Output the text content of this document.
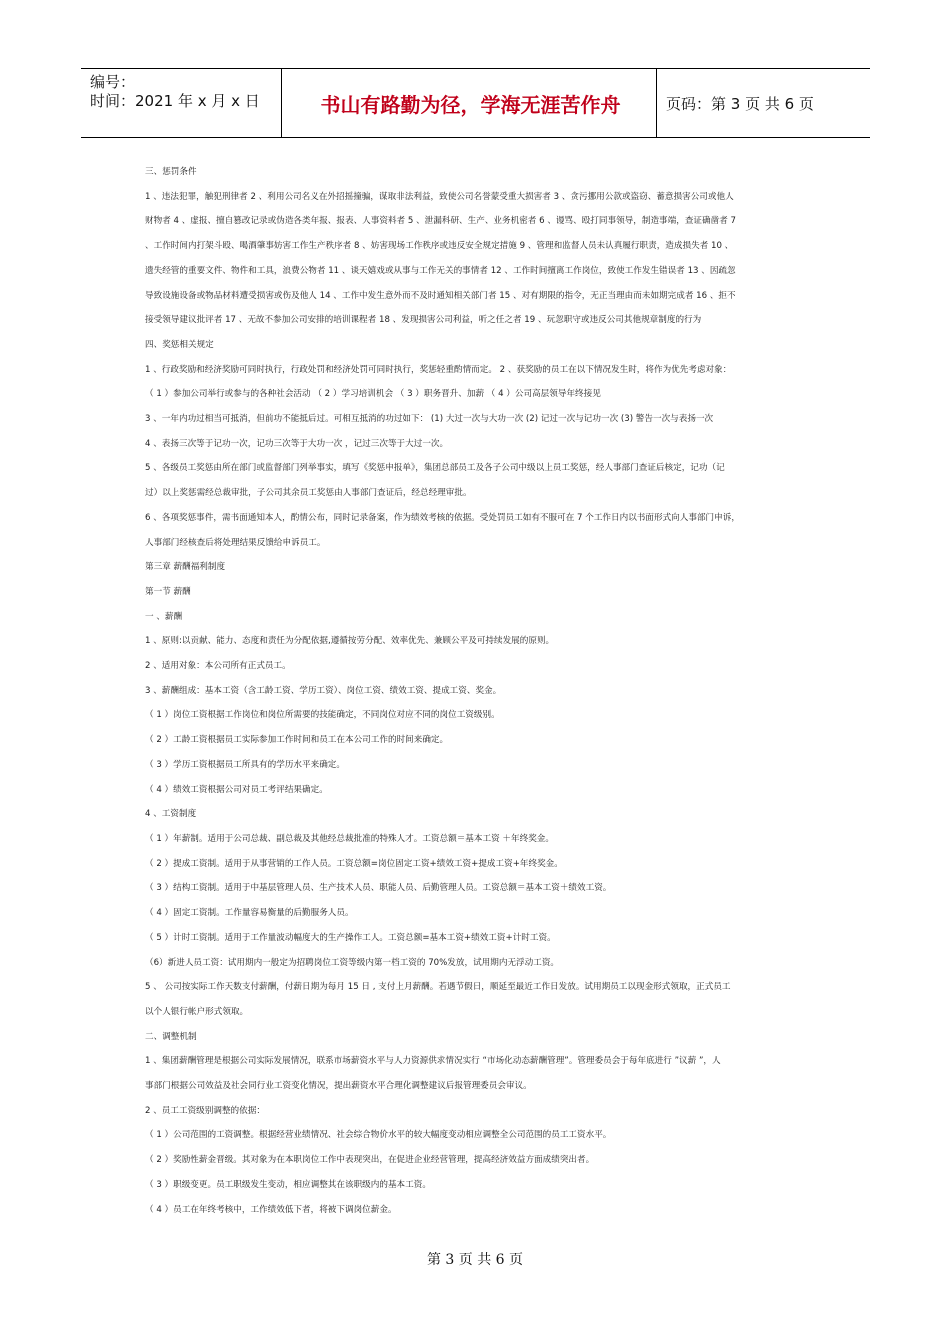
编号：
时间：2021 年 x 月 x 日	书山有路勤为径，学海无涯苦作舟	页码：第 3 页 共 6 页
三、惩罚条件
1 、违法犯罪，触犯刑律者 2 、利用公司名义在外招摇撞骗，谋取非法利益，致使公司名誉蒙受重大损害者 3 、贪污挪用公款或盗窃、蓄意损害公司或他人
财物者 4 、虚报、擅自篡改记录或伪造各类年报、报表、人事资料者 5 、泄漏科研、生产、业务机密者 6 、谩骂、殴打同事领导，制造事端，查证确凿者 7
、工作时间内打架斗殴、喝酒肇事妨害工作生产秩序者 8 、妨害现场工作秩序或违反安全规定措施 9 、管理和监督人员未认真履行职责，造成损失者 10 、
遗失经管的重要文件、物件和工具，浪费公物者 11 、谈天嬉戏或从事与工作无关的事情者 12 、工作时间擅离工作岗位，致使工作发生错误者 13 、因疏忽
导致设施设备或物品材料遭受损害或伤及他人 14 、工作中发生意外而不及时通知相关部门者 15 、对有期限的指令，无正当理由而未如期完成者 16 、拒不
接受领导建议批评者 17 、无故不参加公司安排的培训课程者 18 、发现损害公司利益，听之任之者 19 、玩忽职守或违反公司其他规章制度的行为
四、奖惩相关规定
1 、行政奖励和经济奖励可同时执行，行政处罚和经济处罚可同时执行，奖惩轻重酌情而定。 2 、获奖励的员工在以下情况发生时，将作为优先考虑对象：
（ 1 ）参加公司举行或参与的各种社会活动 （ 2 ）学习培训机会 （ 3 ）职务晋升、加薪 （ 4 ）公司高层领导年终接见
3 、一年内功过相当可抵消，但前功不能抵后过。可相互抵消的功过如下： (1) 大过一次与大功一次 (2) 记过一次与记功一次 (3) 警告一次与表扬一次
4 、表扬三次等于记功一次，记功三次等于大功一次 ，记过三次等于大过一次。
5 、各级员工奖惩由所在部门或监督部门列举事实，填写《奖惩申报单》，集团总部员工及各子公司中级以上员工奖惩，经人事部门查证后核定，记功（记
过）以上奖惩需经总裁审批，子公司其余员工奖惩由人事部门查证后，经总经理审批。
6 、各项奖惩事件，需书面通知本人，酌情公布，同时记录备案，作为绩效考核的依据。受处罚员工如有不服可在 7 个工作日内以书面形式向人事部门申诉，
人事部门经核查后将处理结果反馈给申诉员工。
第三章 薪酬福利制度
第一节 薪酬
一 、薪酬
1 、原则:以贡献、能力、态度和责任为分配依据,遵循按劳分配、效率优先、兼顾公平及可持续发展的原则。
2 、适用对象：本公司所有正式员工。
3 、薪酬组成：基本工资（含工龄工资、学历工资）、岗位工资、绩效工资、提成工资、奖金。
（ 1 ）岗位工资根据工作岗位和岗位所需要的技能确定，不同岗位对应不同的岗位工资级别。
（ 2 ）工龄工资根据员工实际参加工作时间和员工在本公司工作的时间来确定。
（ 3 ）学历工资根据员工所具有的学历水平来确定。
（ 4 ）绩效工资根据公司对员工考评结果确定。
4 、工资制度
（ 1 ）年薪制。适用于公司总裁、副总裁及其他经总裁批准的特殊人才。工资总额＝基本工资 ＋年终奖金。
（ 2 ）提成工资制。适用于从事营销的工作人员。工资总额=岗位固定工资+绩效工资+提成工资+年终奖金。
（ 3 ）结构工资制。适用于中基层管理人员、生产技术人员、职能人员、后勤管理人员。工资总额＝基本工资＋绩效工资。
（ 4 ）固定工资制。工作量容易衡量的后勤服务人员。
（ 5 ）计时工资制。适用于工作量波动幅度大的生产操作工人。工资总额=基本工资+绩效工资+计时工资。
（6）新进人员工资：试用期内一般定为招聘岗位工资等级内第一档工资的 70%发放，试用期内无浮动工资。
5 、 公司按实际工作天数支付薪酬，付薪日期为每月 15 日 , 支付上月薪酬。若遇节假日，顺延至最近工作日发放。试用期员工以现金形式领取，正式员工
以个人银行帐户形式领取。
二、调整机制
1 、集团薪酬管理是根据公司实际发展情况，联系市场薪资水平与人力资源供求情况实行 “市场化动态薪酬管理”。管理委员会于每年底进行 ”议薪 ”，人
事部门根据公司效益及社会同行业工资变化情况，提出薪资水平合理化调整建议后报管理委员会审议。
2 、员工工资级别调整的依据：
（ 1 ）公司范围的工资调整。根据经营业绩情况、社会综合物价水平的较大幅度变动相应调整全公司范围的员工工资水平。
（ 2 ）奖励性薪金晋级。其对象为在本职岗位工作中表现突出，在促进企业经营管理，提高经济效益方面成绩突出者。
（ 3 ）职级变更。员工职级发生变动，相应调整其在该职级内的基本工资。
（ 4 ）员工在年终考核中，工作绩效低下者，将被下调岗位薪金。
第 3 页 共 6 页
